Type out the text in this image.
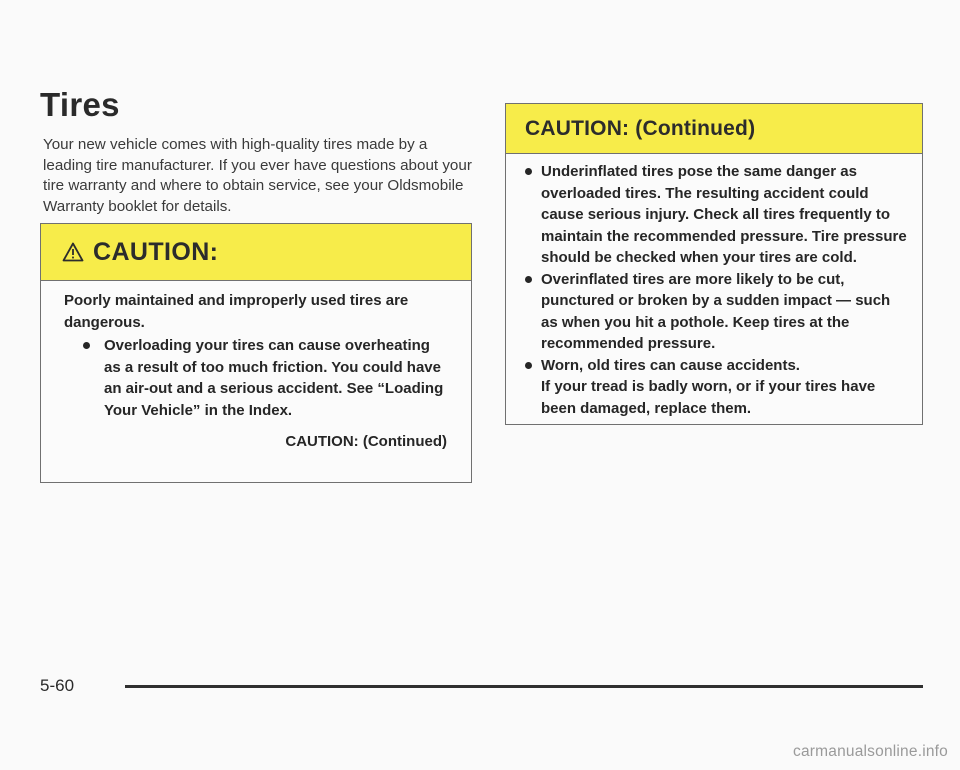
Tires

Your new vehicle comes with high-quality tires made by a leading tire manufacturer. If you ever have questions about your tire warranty and where to obtain service, see your Oldsmobile Warranty booklet for details.

CAUTION:

Poorly maintained and improperly used tires are dangerous.

Overloading your tires can cause overheating as a result of too much friction. You could have an air-out and a serious accident. See “Loading Your Vehicle” in the Index.
CAUTION: (Continued)
CAUTION: (Continued)
Underinflated tires pose the same danger as overloaded tires. The resulting accident could cause serious injury. Check all tires frequently to maintain the recommended pressure. Tire pressure should be checked when your tires are cold.
Overinflated tires are more likely to be cut, punctured or broken by a sudden impact — such as when you hit a pothole. Keep tires at the recommended pressure.
Worn, old tires can cause accidents.
If your tread is badly worn, or if your tires have been damaged, replace them.
5-60
carmanualsonline.info
